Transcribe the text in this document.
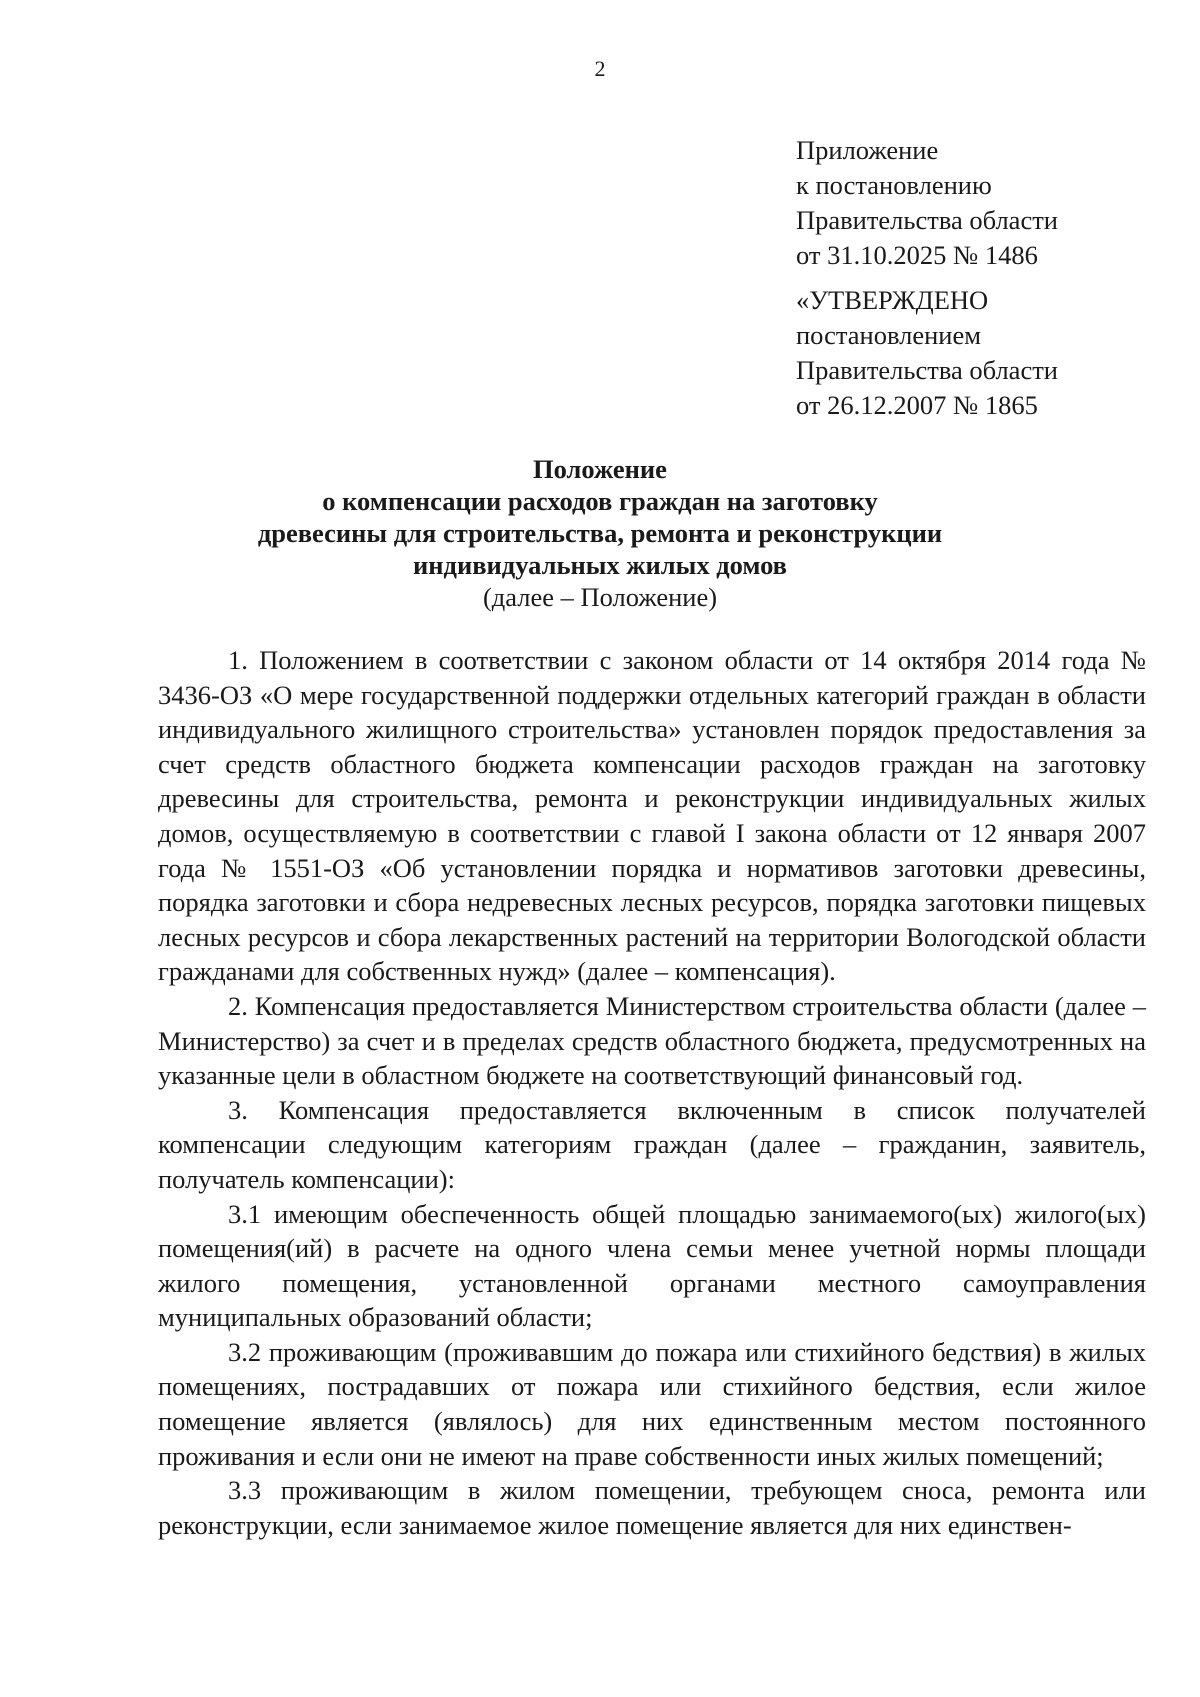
2
Приложение
к постановлению
Правительства области
от 31.10.2025 № 1486
«УТВЕРЖДЕНО
постановлением
Правительства области
от 26.12.2007 № 1865
Положение
о компенсации расходов граждан на заготовку
древесины для строительства, ремонта и реконструкции
индивидуальных жилых домов
(далее – Положение)

1. Положением в соответствии с законом области от 14 октября 2014 года № 3436-ОЗ «О мере государственной поддержки отдельных категорий граждан в области индивидуального жилищного строительства» установлен порядок предоставления за счет средств областного бюджета компенсации расходов граждан на заготовку древесины для строительства, ремонта и реконструкции индивидуальных жилых домов, осуществляемую в соответствии с главой I закона области от 12 января 2007 года № 1551-ОЗ «Об установлении порядка и нормативов заготовки древесины, порядка заготовки и сбора недревесных лесных ресурсов, порядка заготовки пищевых лесных ресурсов и сбора лекарственных растений на территории Вологодской области гражданами для собственных нужд» (далее – компенсация).

2. Компенсация предоставляется Министерством строительства области (далее – Министерство) за счет и в пределах средств областного бюджета, предусмотренных на указанные цели в областном бюджете на соответствующий финансовый год.

3. Компенсация предоставляется включенным в список получателей компенсации следующим категориям граждан (далее – гражданин, заявитель, получатель компенсации):

3.1 имеющим обеспеченность общей площадью занимаемого(ых) жилого(ых) помещения(ий) в расчете на одного члена семьи менее учетной нормы площади жилого помещения, установленной органами местного самоуправления муниципальных образований области;

3.2 проживающим (проживавшим до пожара или стихийного бедствия) в жилых помещениях, пострадавших от пожара или стихийного бедствия, если жилое помещение является (являлось) для них единственным местом постоянного проживания и если они не имеют на праве собственности иных жилых помещений;

3.3 проживающим в жилом помещении, требующем сноса, ремонта или реконструкции, если занимаемое жилое помещение является для них единствен-
